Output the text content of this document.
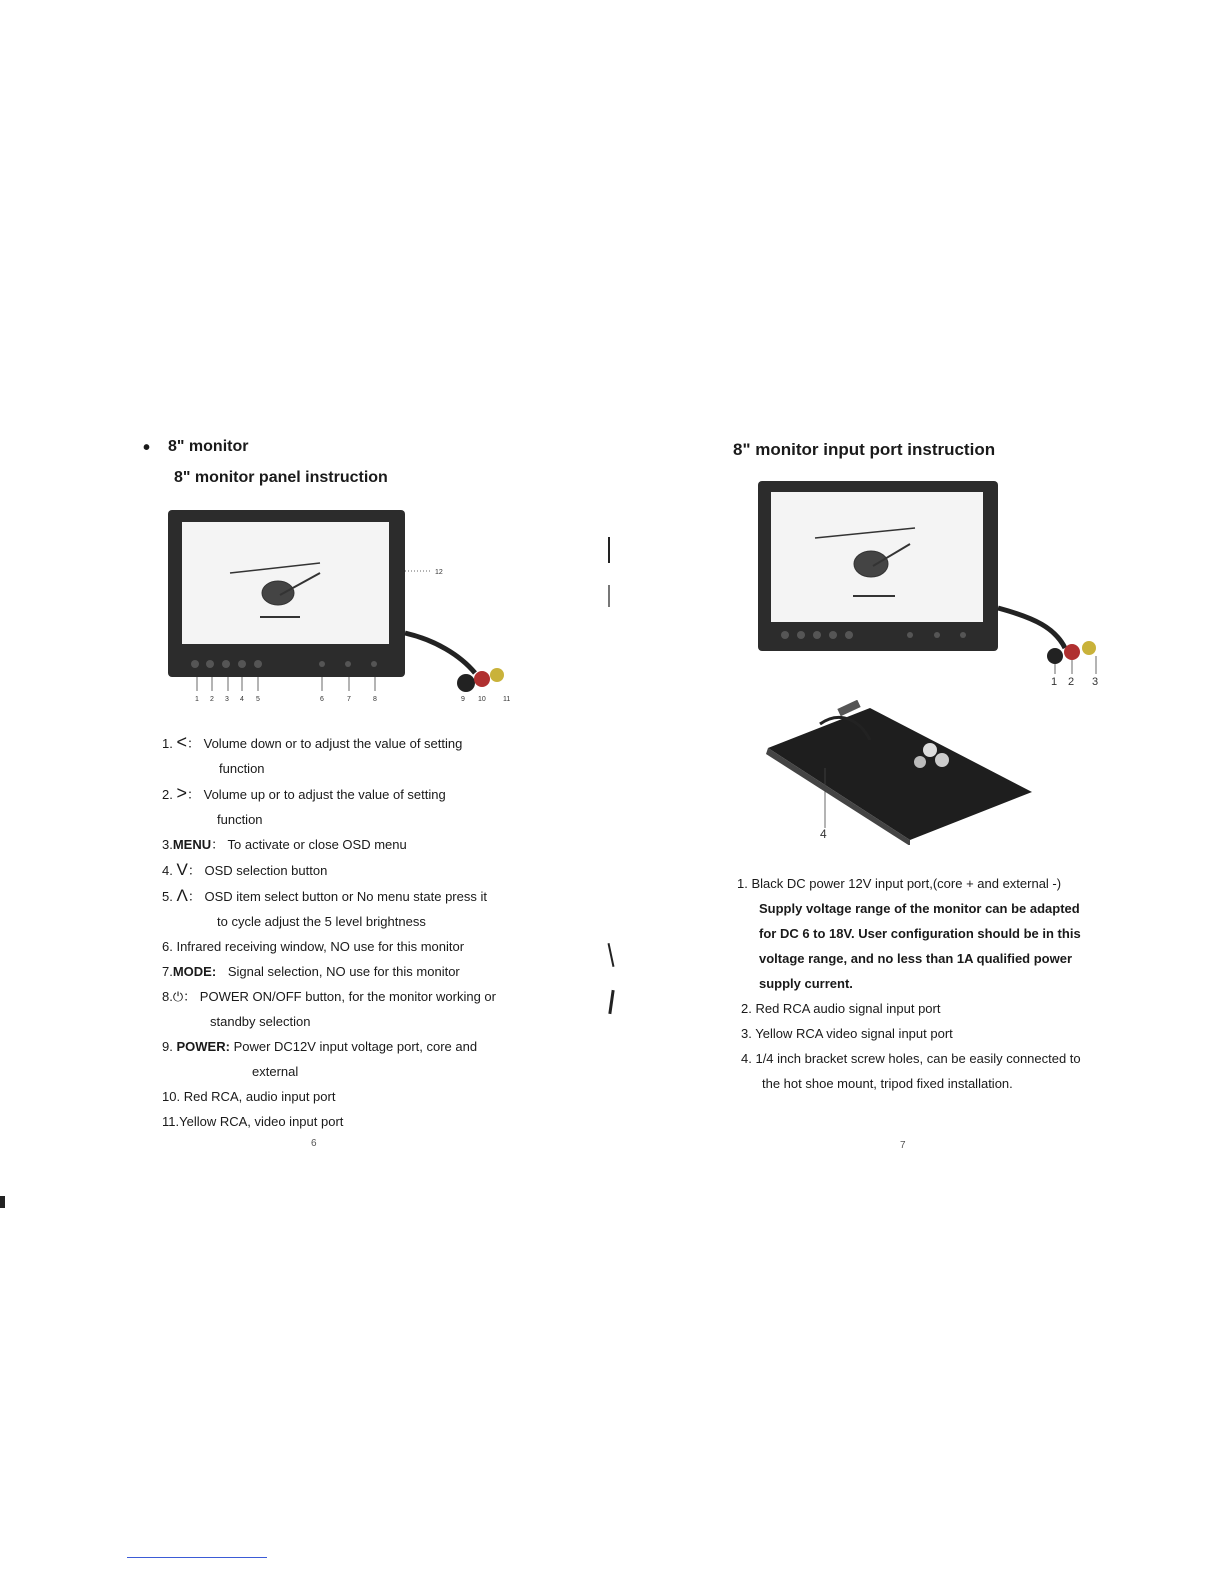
• 8" monitor
8" monitor panel instruction
12
1 2 3 4 5	6	7	8	9 10 11
1. <： Volume down or to adjust the value of setting
function
2. >： Volume up or to adjust the value of setting
function
3.MENU： To activate or close OSD menu
4. V： OSD selection button
5. Λ： OSD item select button or No menu state press it
to cycle adjust the 5 level brightness
6. Infrared receiving window, NO use for this monitor
7.MODE: Signal selection, NO use for this monitor
8.⏻： POWER ON/OFF button, for the monitor working or
standby selection
9. POWER: Power DC12V input voltage port, core and
external
10. Red RCA, audio input port
11.Yellow RCA, video input port
6
8" monitor input port instruction
1 2 3
4
1. Black DC power 12V input port,(core + and external -)
Supply voltage range of the monitor can be adapted
for DC 6 to 18V. User configuration should be in this
voltage range, and no less than 1A qualified power
supply current.
2. Red RCA audio signal input port
3. Yellow RCA video signal input port
4. 1/4 inch bracket screw holes, can be easily connected to
the hot shoe mount, tripod fixed installation.
7
